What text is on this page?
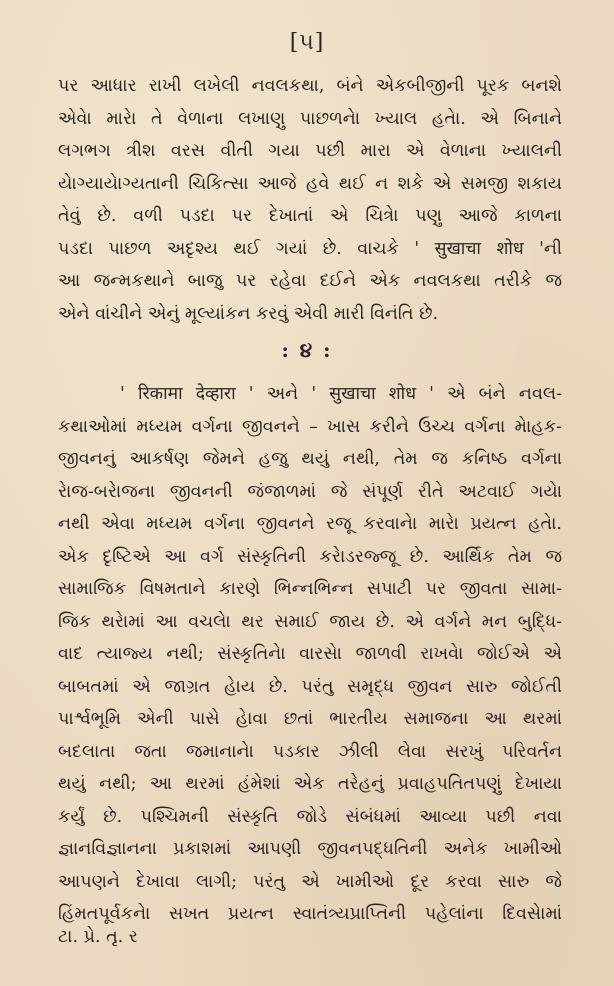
[૫]
પર આધાર રાખી લખેલી નવલકથા, બંને એકબીજીની પૂરક બનશે
એવેા મારેા તે વેળાના લખાણુ પાછળનેા ખ્યાલ હતેા. એ બિનાને
લગભગ ત્રીશ વરસ વીતી ગયા પછી મારા એ વેળાના ખ્યાલની
યેાગ્યાયેાગ્યતાની ચિકિત્સા આજે હવે થઈ ન શકે એ સમજી શકાય
તેવું છે. વળી પડદા પર દેખાતાં એ ચિત્રેા પણુ આજે કાળના
પડદા પાછળ અદૃશ્ય થઈ ગયાં છે. વાચકે ' सुखाचा शोध 'ની
આ જન્મકથાને બાજુ પર રહેવા દઈને એક નવલકથા તરીકે જ
એને વાંચીને એનું મૂલ્યાંકન કરવું એવી મારી વિનંતિ છે.
: ૪ :
' रिकामा देव्हारा ' અને ' सुखाचा शोध ' એ બંને નવલ-
કથાઓમાં મધ્યમ વર્ગના જીવનને – ખાસ કરીને ઉચ્ચ વર્ગના મેાહક-
જીવનનું આકર્ષણ જેમને હજુ થયું નથી, તેમ જ કનિષ્ઠ વર્ગના
રેાજ-બરેાજના જીવનની જંજાળમાં જે સંપૂર્ણ રીતે અટવાઈ ગયેા
નથી એવા મધ્યમ વર્ગના જીવનને રજૂ કરવાનેા મારેા પ્રયત્ન હતેા.
એક દૃષ્ટિએ આ વર્ગ સંસ્કૃતિની કરેાડરજ્જૂ છે. આર્થિક તેમ જ
સામાજિક વિષમતાને કારણે ભિન્નભિન્ન સપાટી પર જીવતા સામા-
જિક થરેામાં આ વચલેા થર સમાઈ જાય છે. એ વર્ગને મન બુદ્ધિ-
વાદ ત્યાજ્ય નથી; સંસ્કૃતિનેા વારસેા જાળવી રાખવેા જોઈએ એ
બાબતમાં એ જાગ્રત હેાય છે. પરંતુ સમૃદ્ધ જીવન સારુ જોઈતી
પાર્શ્વભૂમિ એની પાસે હેાવા છતાં ભારતીય સમાજના આ થરમાં
બદલાતા જતા જમાનાનેા પડકાર ઝીલી લેવા સરખું પરિવર્તન
થયું નથી; આ થરમાં હંમેશાં એક તરેહનું પ્રવાહપતિતપણું દેખાયા
કર્યું છે. પશ્ચિમની સંસ્કૃતિ જોડે સંબંધમાં આવ્યા પછી નવા
જ્ઞાનવિજ્ઞાનના પ્રકાશમાં આપણી જીવનપદ્ધતિની અનેક ખામીઓ
આપણને દેખાવા લાગી; પરંતુ એ ખામીઓ દૂર કરવા સારુ જે
હિંમતપૂર્વકનેા સખત પ્રયત્ન સ્વાતંત્ર્યપ્રાપ્તિની પહેલાંના દિવસેામાં
ટા. પ્રે. તૃ. ર
